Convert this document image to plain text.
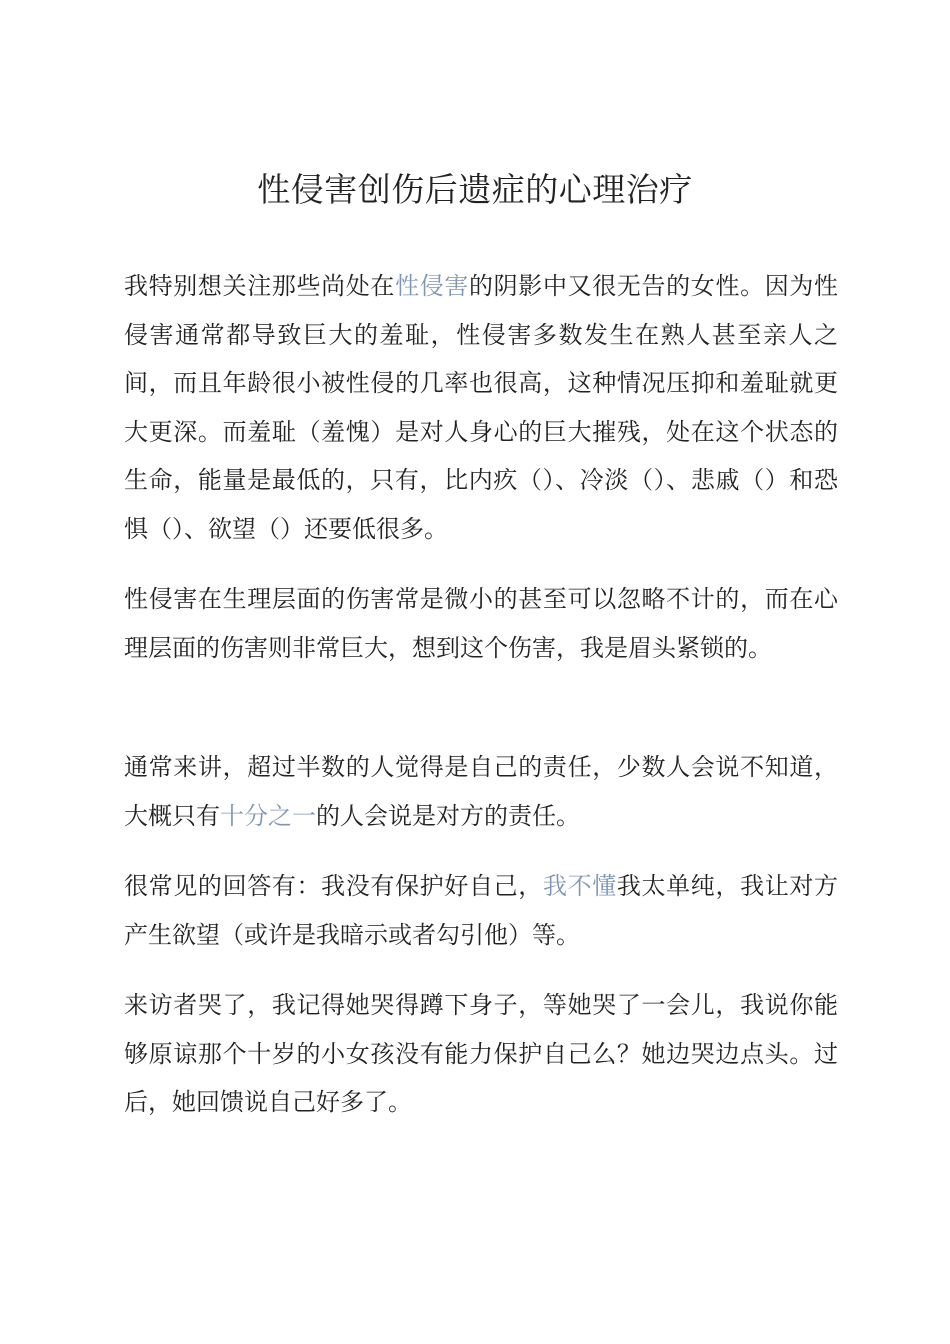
性侵害创伤后遗症的心理治疗

我特别想关注那些尚处在性侵害的阴影中又很无告的女性。因为性侵害通常都导致巨大的羞耻，性侵害多数发生在熟人甚至亲人之间，而且年龄很小被性侵的几率也很高，这种情况压抑和羞耻就更大更深。而羞耻（羞愧）是对人身心的巨大摧残，处在这个状态的生命，能量是最低的，只有，比内疚（）、冷淡（）、悲戚（）和恐惧（）、欲望（）还要低很多。

性侵害在生理层面的伤害常是微小的甚至可以忽略不计的，而在心理层面的伤害则非常巨大，想到这个伤害，我是眉头紧锁的。

通常来讲，超过半数的人觉得是自己的责任，少数人会说不知道，大概只有十分之一的人会说是对方的责任。

很常见的回答有：我没有保护好自己，我不懂我太单纯，我让对方产生欲望（或许是我暗示或者勾引他）等。

来访者哭了，我记得她哭得蹲下身子，等她哭了一会儿，我说你能够原谅那个十岁的小女孩没有能力保护自己么？她边哭边点头。过后，她回馈说自己好多了。
